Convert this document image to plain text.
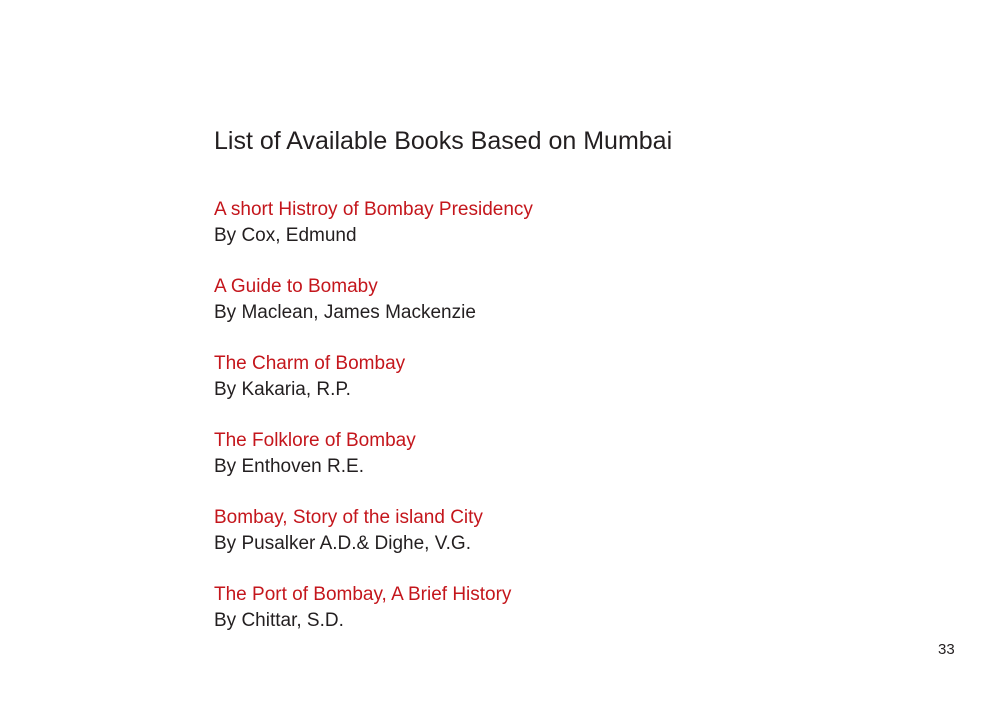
List of Available Books Based on Mumbai
A short Histroy of Bombay Presidency
By Cox, Edmund
A Guide to Bomaby
By Maclean, James Mackenzie
The Charm of Bombay
By Kakaria, R.P.
The Folklore of Bombay
By Enthoven R.E.
Bombay, Story of the island City
By Pusalker A.D.& Dighe, V.G.
The Port of Bombay, A Brief History
By Chittar, S.D.
33
